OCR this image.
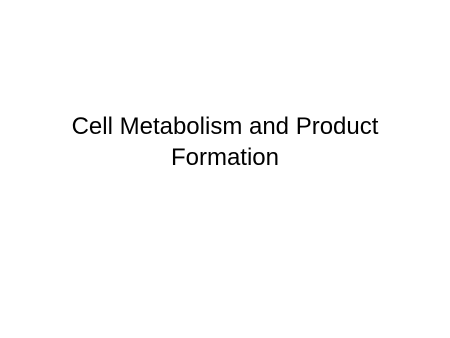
Cell Metabolism and Product
Formation
